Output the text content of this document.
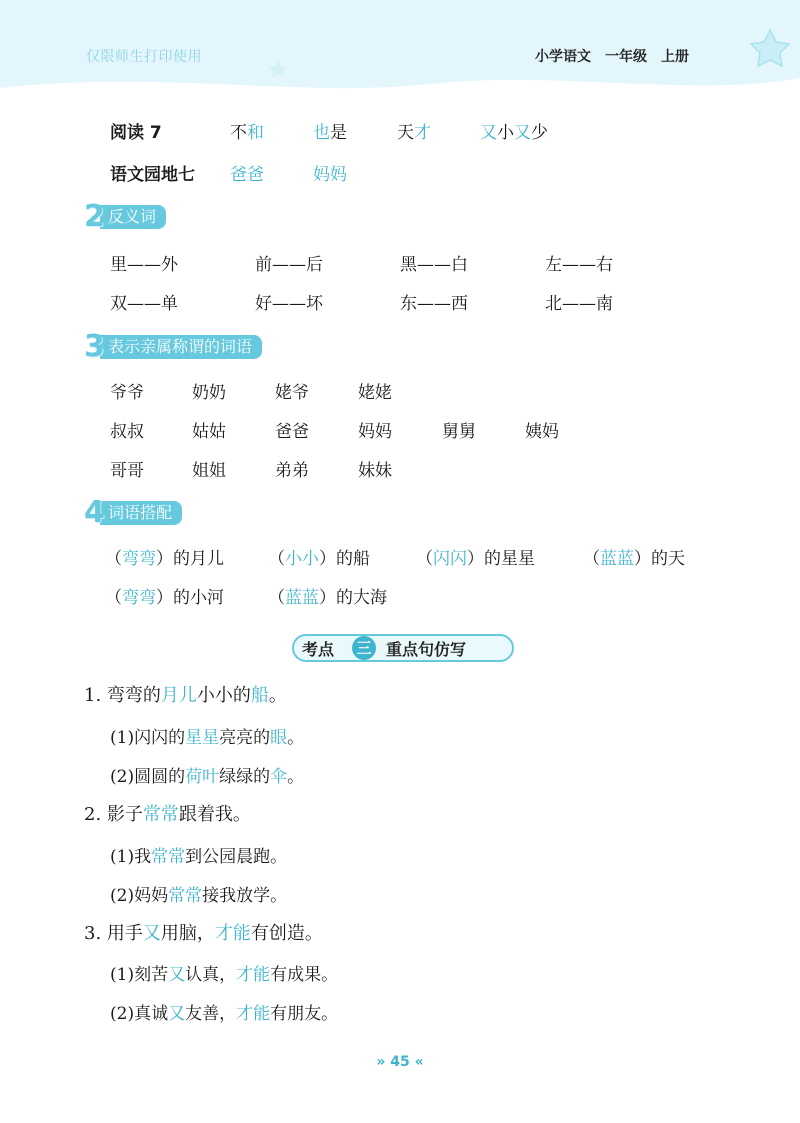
仅限师生打印使用	小学语文　一年级　上册
阅读 7	不和	也是	天才	又小又少
语文园地七 爸爸	妈妈
2 反义词
里——外	前——后	黑——白	左——右
双——单	好——坏	东——西	北——南
3 表示亲属称谓的词语
爷爷	奶奶	姥爷	姥姥
叔叔	姑姑	爸爸	妈妈	舅舅	姨妈
哥哥	姐姐	弟弟	妹妹
4 词语搭配
（弯弯）的月儿	（小小）的船	（闪闪）的星星	（蓝蓝）的天
（弯弯）的小河	（蓝蓝）的大海
考点 三 重点句仿写
1. 弯弯的月儿小小的船。
(1)闪闪的星星亮亮的眼。
(2)圆圆的荷叶绿绿的伞。
2. 影子常常跟着我。
(1)我常常到公园晨跑。
(2)妈妈常常接我放学。
3. 用手又用脑，才能有创造。
(1)刻苦又认真，才能有成果。
(2)真诚又友善，才能有朋友。
» 45 «
